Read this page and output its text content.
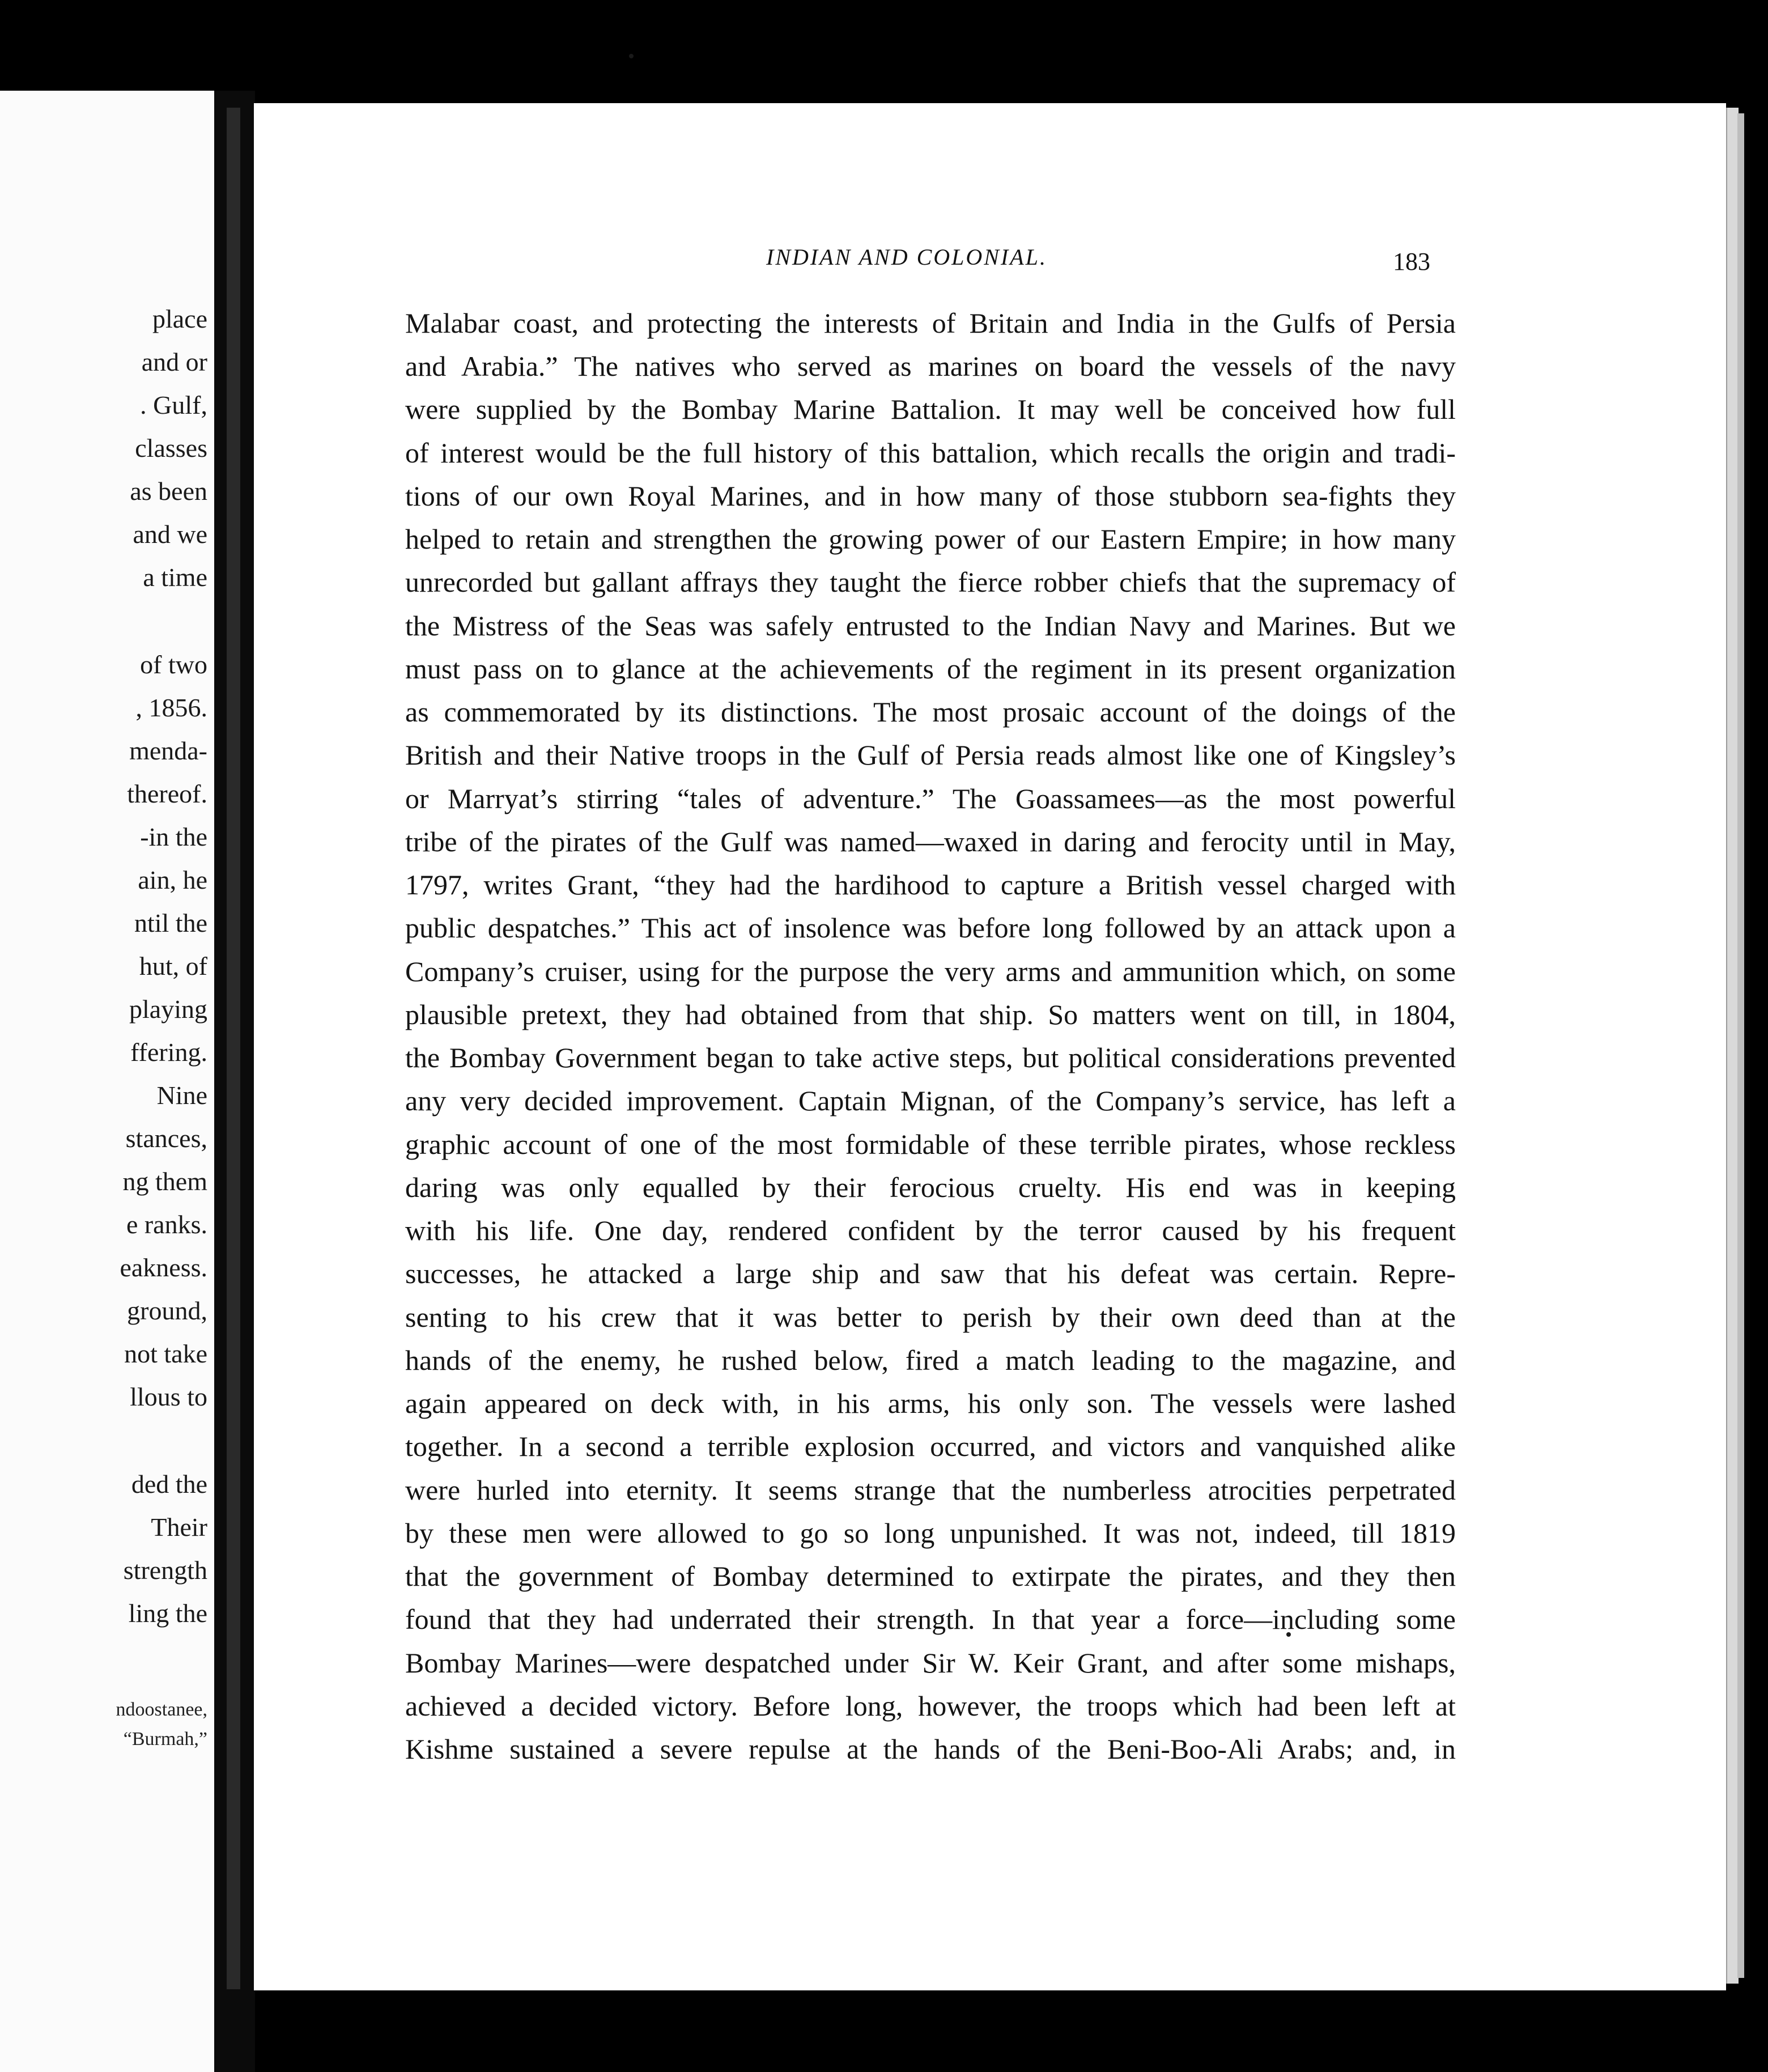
place
and or
. Gulf,
classes
as been
and we
a time
of two
, 1856.
menda-
thereof.
-in the
ain, he
ntil the
hut, of
playing
ffering.
Nine
stances,
ng them
e ranks.
eakness.
ground,
not take
llous to
ded the
Their
strength
ling the
ndoostanee,
“Burmah,”
INDIAN AND COLONIAL.	183
Malabar coast, and protecting the interests of Britain and India in the Gulfs of Persia
and Arabia.” The natives who served as marines on board the vessels of the navy
were supplied by the Bombay Marine Battalion. It may well be conceived how full
of interest would be the full history of this battalion, which recalls the origin and tradi-
tions of our own Royal Marines, and in how many of those stubborn sea-fights they
helped to retain and strengthen the growing power of our Eastern Empire; in how many
unrecorded but gallant affrays they taught the fierce robber chiefs that the supremacy of
the Mistress of the Seas was safely entrusted to the Indian Navy and Marines. But we
must pass on to glance at the achievements of the regiment in its present organization
as commemorated by its distinctions. The most prosaic account of the doings of the
British and their Native troops in the Gulf of Persia reads almost like one of Kingsley’s
or Marryat’s stirring “tales of adventure.” The Goassamees—as the most powerful
tribe of the pirates of the Gulf was named—waxed in daring and ferocity until in May,
1797, writes Grant, “they had the hardihood to capture a British vessel charged with
public despatches.” This act of insolence was before long followed by an attack upon a
Company’s cruiser, using for the purpose the very arms and ammunition which, on some
plausible pretext, they had obtained from that ship. So matters went on till, in 1804,
the Bombay Government began to take active steps, but political considerations prevented
any very decided improvement. Captain Mignan, of the Company’s service, has left a
graphic account of one of the most formidable of these terrible pirates, whose reckless
daring was only equalled by their ferocious cruelty. His end was in keeping
with his life. One day, rendered confident by the terror caused by his frequent
successes, he attacked a large ship and saw that his defeat was certain. Repre-
senting to his crew that it was better to perish by their own deed than at the
hands of the enemy, he rushed below, fired a match leading to the magazine, and
again appeared on deck with, in his arms, his only son. The vessels were lashed
together. In a second a terrible explosion occurred, and victors and vanquished alike
were hurled into eternity. It seems strange that the numberless atrocities perpetrated
by these men were allowed to go so long unpunished. It was not, indeed, till 1819
that the government of Bombay determined to extirpate the pirates, and they then
found that they had underrated their strength. In that year a force—including some
Bombay Marines—were despatched under Sir W. Keir Grant, and after some mishaps,
achieved a decided victory. Before long, however, the troops which had been left at
Kishme sustained a severe repulse at the hands of the Beni-Boo-Ali Arabs; and, in
